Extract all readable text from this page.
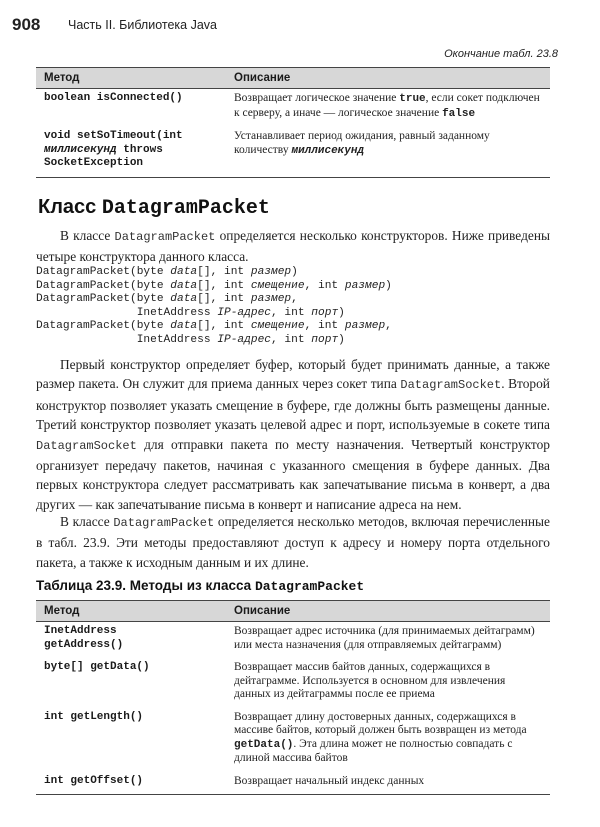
908 Часть II. Библиотека Java
Окончание табл. 23.8
Метод	Описание
boolean isConnected()	Возвращает логическое значение true, если сокет подключен к серверу, а иначе — логическое значение false
void setSoTimeout(int
миллисекунд throws
SocketException	Устанавливает период ожидания, равный заданному количеству миллисекунд
Класс DatagramPacket

В классе DatagramPacket определяется несколько конструкторов. Ниже приведены четыре конструктора данного класса.

DatagramPacket(byte data[], int размер)
DatagramPacket(byte data[], int смещение, int размер)
DatagramPacket(byte data[], int размер,
InetAddress IP-адрес, int порт)
DatagramPacket(byte data[], int смещение, int размер,
InetAddress IP-адрес, int порт)

Первый конструктор определяет буфер, который будет принимать данные, а также размер пакета. Он служит для приема данных через сокет типа DatagramSocket. Второй конструктор позволяет указать смещение в буфере, где должны быть размещены данные. Третий конструктор позволяет указать целевой адрес и порт, используемые в сокете типа DatagramSocket для отправки пакета по месту назначения. Четвертый конструктор организует передачу пакетов, начиная с указанного смещения в буфере данных. Два первых конструктора следует рассматривать как запечатывание письма в конверт, а два других — как запечатывание письма в конверт и написание адреса на нем.

В классе DatagramPacket определяется несколько методов, включая перечисленные в табл. 23.9. Эти методы предоставляют доступ к адресу и номеру порта отдельного пакета, а также к исходным данным и их длине.

Таблица 23.9. Методы из класса DatagramPacket
Метод	Описание
InetAddress
getAddress()	Возвращает адрес источника (для принимаемых дейтаграмм) или места назначения (для отправляемых дейтаграмм)
byte[] getData()	Возвращает массив байтов данных, содержащихся в дейтаграмме. Используется в основном для извлечения данных из дейтаграммы после ее приема
int getLength()	Возвращает длину достоверных данных, содержащихся в массиве байтов, который должен быть возвращен из метода getData(). Эта длина может не полностью совпадать с длиной массива байтов
int getOffset()	Возвращает начальный индекс данных
